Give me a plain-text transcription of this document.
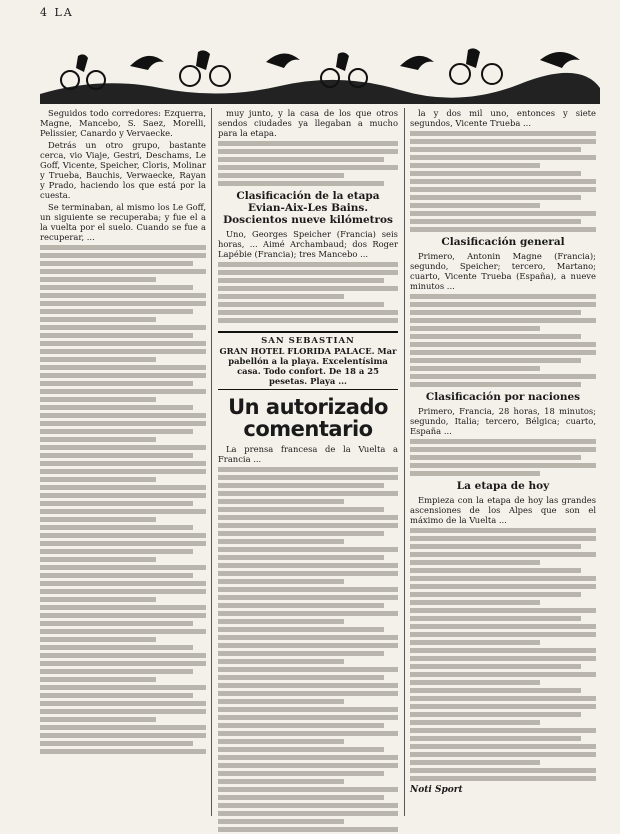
4 LA

Seguidos todo corredores: Ezquerra, Magne, Mancebo, S. Saez, Morelli, Pelissier, Canardo y Vervaecke.

Detrás un otro grupo, bastante cerca, vio Viaje, Gestri, Deschams, Le Goff, Vicente, Speicher, Cloris, Molinar y Trueba, Bauchis, Verwaecke, Rayan y Prado, haciendo los que está por la cuesta.

Se terminaban, al mismo los Le Goff, un siguiente se recuperaba; y fue el a la vuelta por el suelo. Cuando se fue a recuperar, ...

muy junto, y la casa de los que otros sendos ciudades ya llegaban a mucho para la etapa.

Clasificación de la etapa Evian-Aix-Les Bains. Doscientos nueve kilómetros

Uno, Georges Speicher (Francia) seis horas, ... Aimé Archambaud; dos Roger Lapébie (Francia); tres Mancebo ...

SAN SEBASTIAN
GRAN HOTEL FLORIDA PALACE. Mar pabellón a la playa. Excelentísima casa. Todo confort. De 18 a 25 pesetas. Playa ...
Un autorizado comentario

La prensa francesa de la Vuelta a Francia ...

la y dos mil uno, entonces y siete segundos, Vicente Trueba ...

Clasificación general

Primero, Antonin Magne (Francia); segundo, Speicher; tercero, Martano; cuarto, Vicente Trueba (España), a nueve minutos ...

Clasificación por naciones

Primero, Francia, 28 horas, 18 minutos; segundo, Italia; tercero, Bélgica; cuarto, España ...

La etapa de hoy

Empieza con la etapa de hoy las grandes ascensiones de los Alpes que son el máximo de la Vuelta ...

Noti Sport
